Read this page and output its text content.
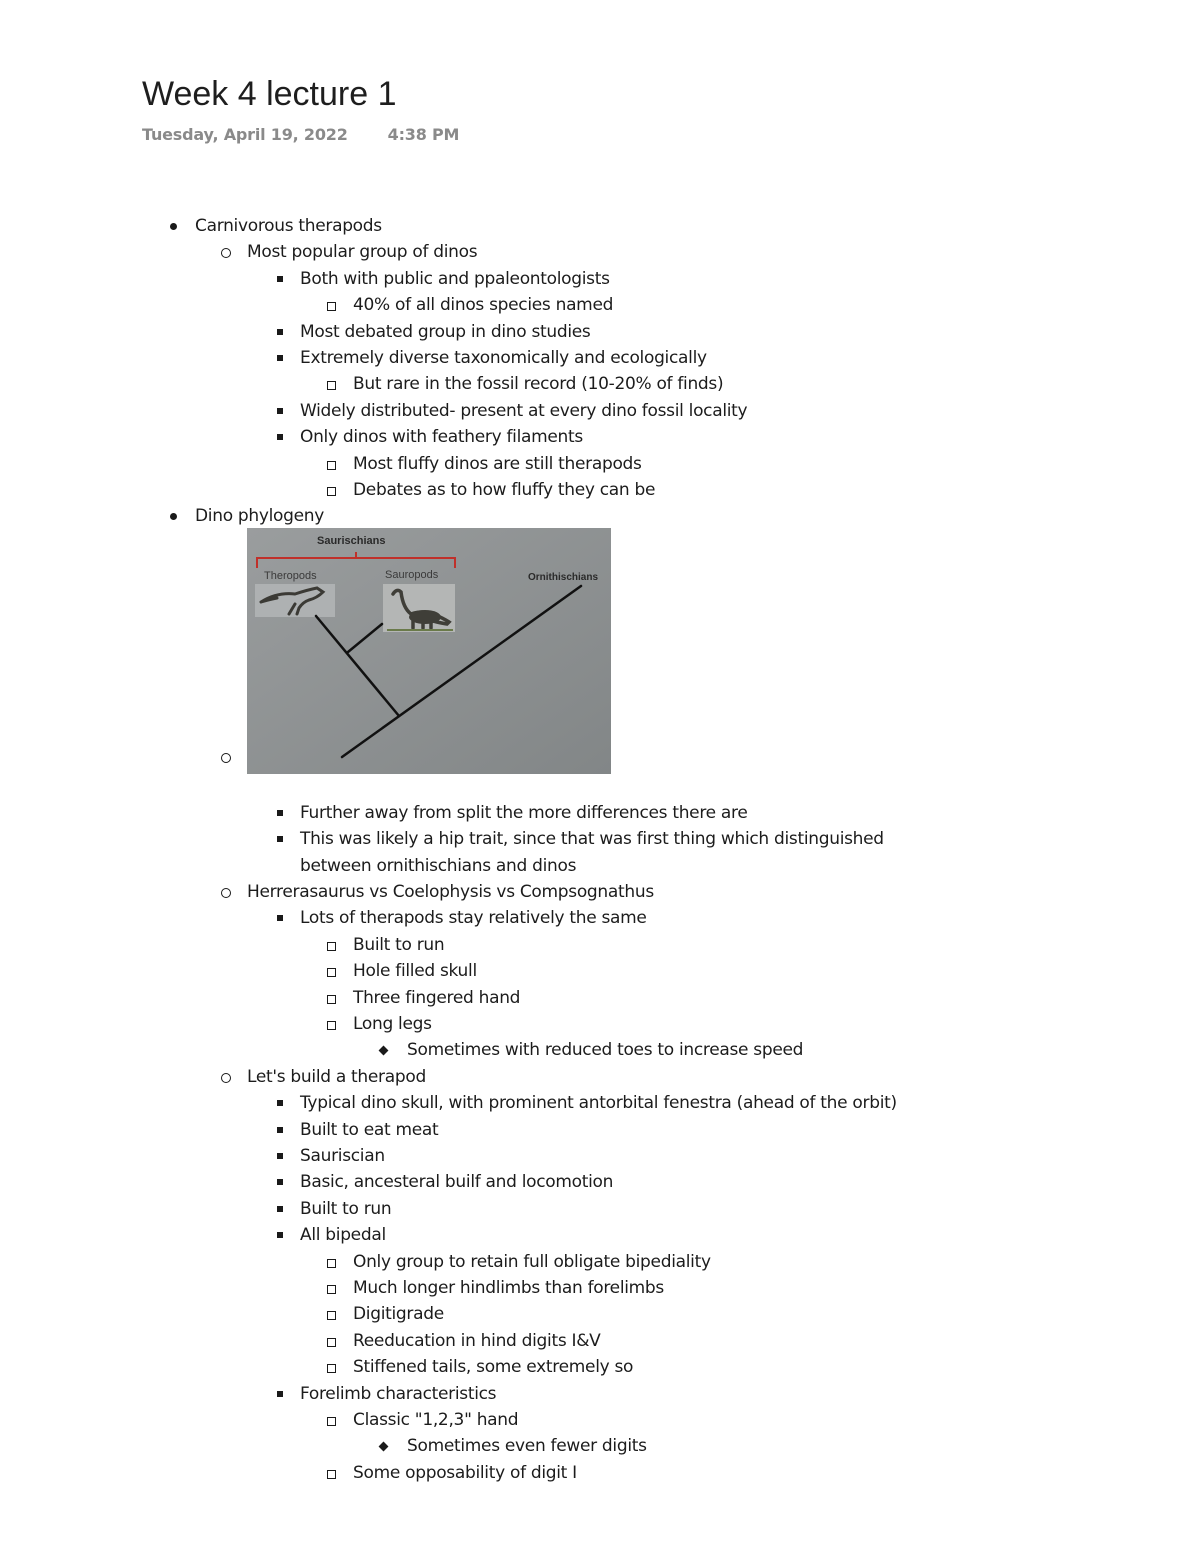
Week 4 lecture 1
Tuesday, April 19, 2022	4:38 PM
Carnivorous therapods
Most popular group of dinos
Both with public and ppaleontologists
40% of all dinos species named
Most debated group in dino studies
Extremely diverse taxonomically and ecologically
But rare in the fossil record (10-20% of finds)
Widely distributed- present at every dino fossil locality
Only dinos with feathery filaments
Most fluffy dinos are still therapods
Debates as to how fluffy they can be
Dino phylogeny
Further away from split the more differences there are
This was likely a hip trait, since that was first thing which distinguished
between ornithischians and dinos
Herrerasaurus vs Coelophysis vs Compsognathus
Lots of therapods stay relatively the same
Built to run
Hole filled skull
Three fingered hand
Long legs
Sometimes with reduced toes to increase speed
Let's build a therapod
Typical dino skull, with prominent antorbital fenestra (ahead of the orbit)
Built to eat meat
Sauriscian
Basic, ancesteral builf and locomotion
Built to run
All bipedal
Only group to retain full obligate bipediality
Much longer hindlimbs than forelimbs
Digitigrade
Reeducation in hind digits I&V
Stiffened tails, some extremely so
Forelimb characteristics
Classic "1,2,3" hand
Sometimes even fewer digits
Some opposability of digit I
Saurischians
Theropods	Sauropods	Ornithischians
